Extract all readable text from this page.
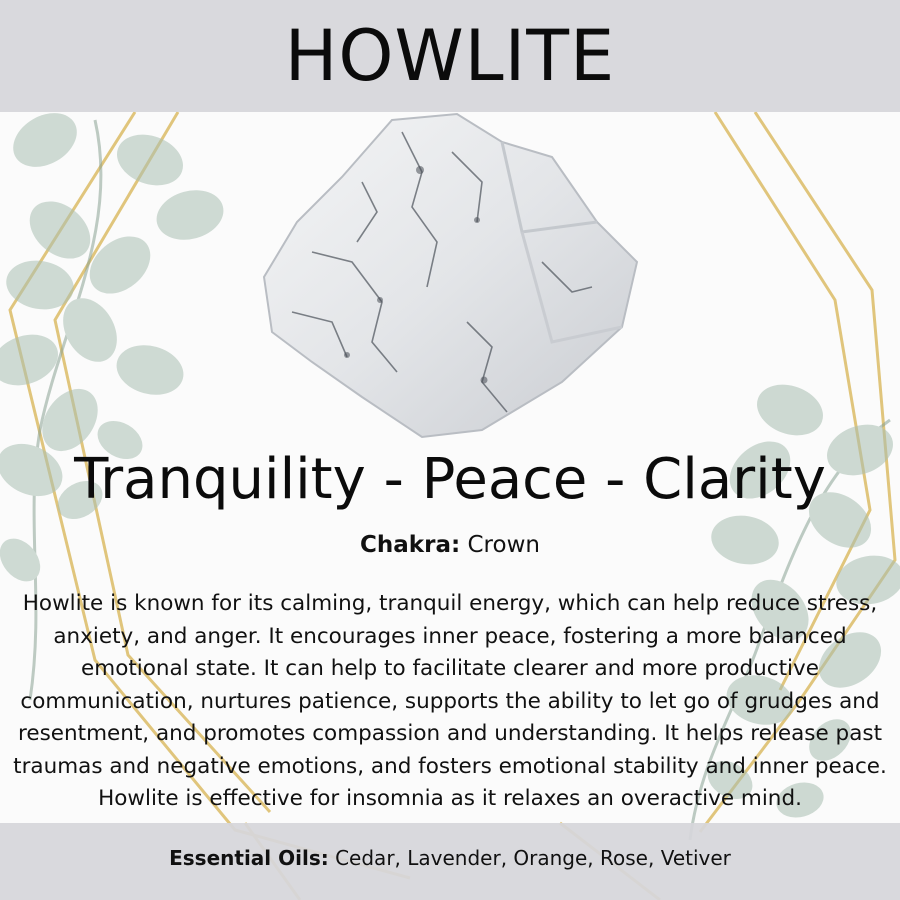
HOWLITE
Tranquility - Peace - Clarity
Chakra: Crown

Howlite is known for its calming, tranquil energy, which can help reduce stress, anxiety, and anger. It encourages inner peace, fostering a more balanced emotional state. It can help to facilitate clearer and more productive communication, nurtures patience, supports the ability to let go of grudges and resentment, and promotes compassion and understanding. It helps release past traumas and negative emotions, and fosters emotional stability and inner peace. Howlite is effective for insomnia as it relaxes an overactive mind.

Essential Oils: Cedar, Lavender, Orange, Rose, Vetiver
